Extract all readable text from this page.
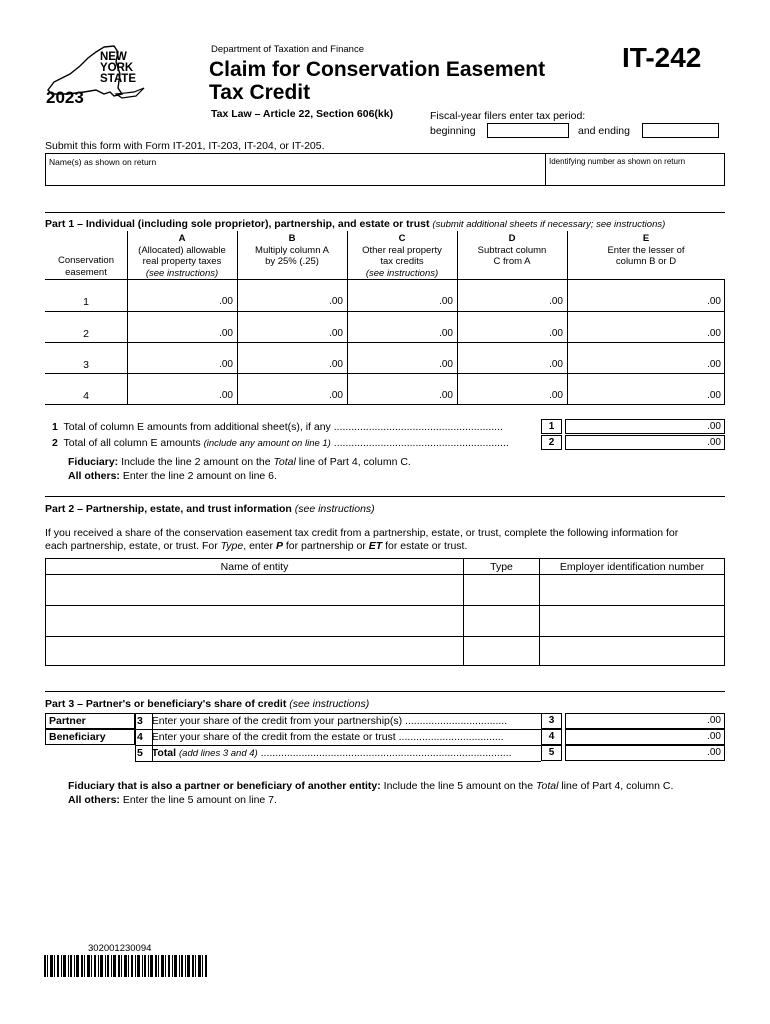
NEW
YORK
STATE
2023
Department of Taxation and Finance
Claim for Conservation Easement
Tax Credit
IT-242
Tax Law – Article 22, Section 606(kk)	Fiscal-year filers enter tax period:
beginning	and ending
Submit this form with Form IT-201, IT-203, IT-204, or IT-205.
Name(s) as shown on return	Identifying number as shown on return
Part 1 – Individual (including sole proprietor), partnership, and estate or trust (submit additional sheets if necessary; see instructions)
Conservation
easement
A
(Allocated) allowable
real property taxes
(see instructions)
B
Multiply column A
by 25% (.25)
C
Other real property
tax credits
(see instructions)
D
Subtract column
C from A
E
Enter the lesser of
column B or D
1	.00	.00	.00	.00	.00
2	.00	.00	.00	.00	.00
3	.00	.00	.00	.00	.00
4	.00	.00	.00	.00	.00
1 Total of column E amounts from additional sheet(s), if any ..........................................................	1	.00
2 Total of all column E amounts (include any amount on line 1) ............................................................	2	.00
Fiduciary: Include the line 2 amount on the Total line of Part 4, column C.
All others: Enter the line 2 amount on line 6.
Part 2 – Partnership, estate, and trust information (see instructions)
If you received a share of the conservation easement tax credit from a partnership, estate, or trust, complete the following information for
each partnership, estate, or trust. For Type, enter P for partnership or ET for estate or trust.
Name of entity	Type	Employer identification number
Part 3 – Partner's or beneficiary's share of credit (see instructions)
Partner
Beneficiary
3 Enter your share of the credit from your partnership(s) ...................................	3	.00
4 Enter your share of the credit from the estate or trust ....................................	4	.00
5 Total (add lines 3 and 4) ......................................................................................	5	.00
Fiduciary that is also a partner or beneficiary of another entity: Include the line 5 amount on the Total line of Part 4, column C.
All others: Enter the line 5 amount on line 7.
302001230094
